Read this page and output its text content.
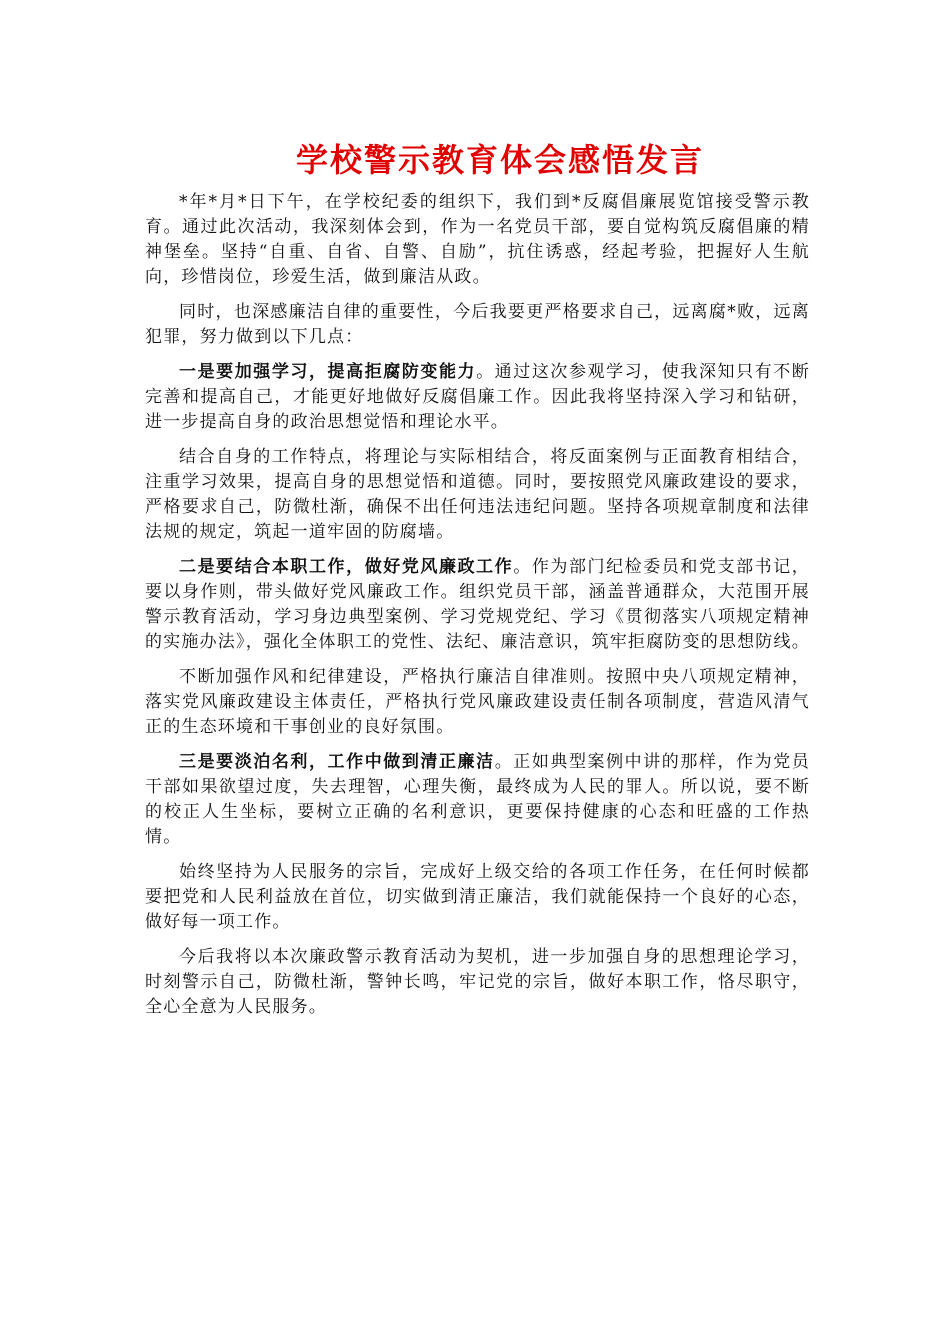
学校警示教育体会感悟发言

*年*月*日下午，在学校纪委的组织下，我们到*反腐倡廉展览馆接受警示教育。通过此次活动，我深刻体会到，作为一名党员干部，要自觉构筑反腐倡廉的精神堡垒。坚持“自重、自省、自警、自励”，抗住诱惑，经起考验，把握好人生航向，珍惜岗位，珍爱生活，做到廉洁从政。

同时，也深感廉洁自律的重要性，今后我要更严格要求自己，远离腐*败，远离犯罪，努力做到以下几点：

一是要加强学习，提高拒腐防变能力。通过这次参观学习，使我深知只有不断完善和提高自己，才能更好地做好反腐倡廉工作。因此我将坚持深入学习和钻研，进一步提高自身的政治思想觉悟和理论水平。

结合自身的工作特点，将理论与实际相结合，将反面案例与正面教育相结合，注重学习效果，提高自身的思想觉悟和道德。同时，要按照党风廉政建设的要求，严格要求自己，防微杜渐，确保不出任何违法违纪问题。坚持各项规章制度和法律法规的规定，筑起一道牢固的防腐墙。

二是要结合本职工作，做好党风廉政工作。作为部门纪检委员和党支部书记，要以身作则，带头做好党风廉政工作。组织党员干部，涵盖普通群众，大范围开展警示教育活动，学习身边典型案例、学习党规党纪、学习《贯彻落实八项规定精神的实施办法》，强化全体职工的党性、法纪、廉洁意识，筑牢拒腐防变的思想防线。

不断加强作风和纪律建设，严格执行廉洁自律准则。按照中央八项规定精神，落实党风廉政建设主体责任，严格执行党风廉政建设责任制各项制度，营造风清气正的生态环境和干事创业的良好氛围。

三是要淡泊名利，工作中做到清正廉洁。正如典型案例中讲的那样，作为党员干部如果欲望过度，失去理智，心理失衡，最终成为人民的罪人。所以说，要不断的校正人生坐标，要树立正确的名利意识，更要保持健康的心态和旺盛的工作热情。

始终坚持为人民服务的宗旨，完成好上级交给的各项工作任务，在任何时候都要把党和人民利益放在首位，切实做到清正廉洁，我们就能保持一个良好的心态，做好每一项工作。

今后我将以本次廉政警示教育活动为契机，进一步加强自身的思想理论学习，时刻警示自己，防微杜渐，警钟长鸣，牢记党的宗旨，做好本职工作，恪尽职守，全心全意为人民服务。
